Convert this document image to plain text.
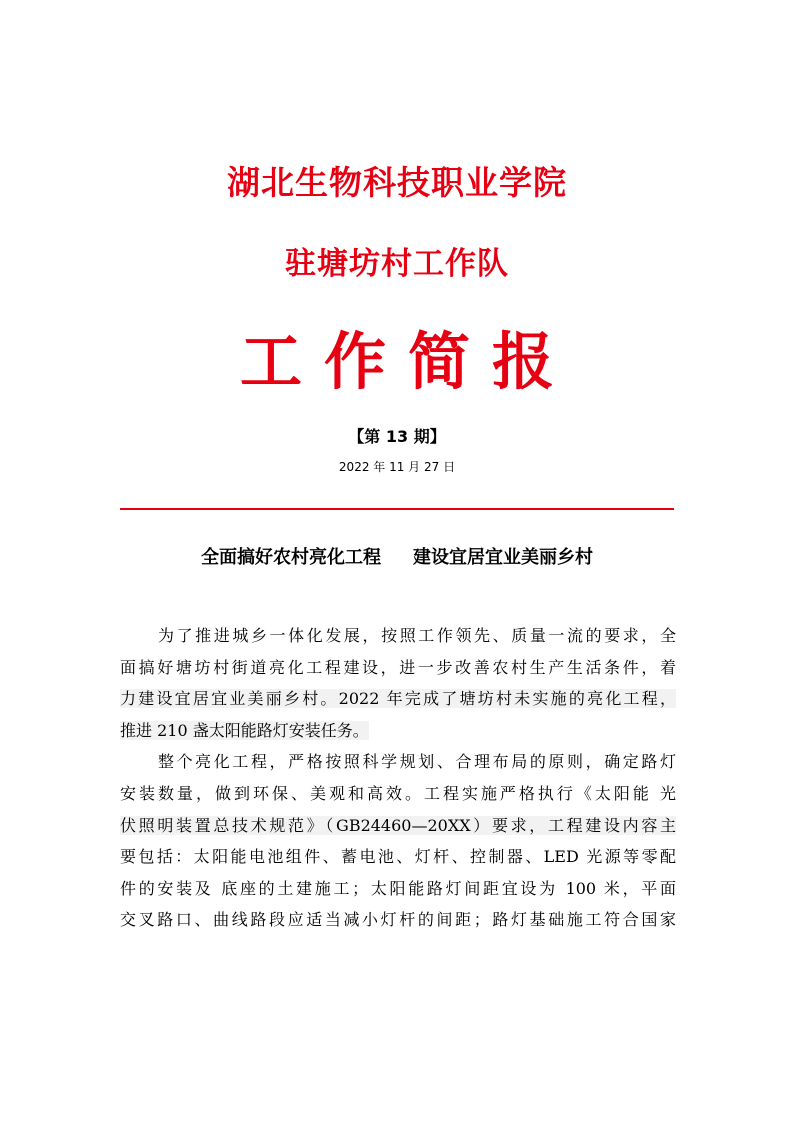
湖北生物科技职业学院
驻塘坊村工作队
工作简报
【第 13 期】
2022 年 11 月 27 日
全面搞好农村亮化工程 建设宜居宜业美丽乡村
为了推进城乡一体化发展，按照工作领先、质量一流的要求，全
面搞好塘坊村街道亮化工程建设，进一步改善农村生产生活条件，着
力建设宜居宜业美丽乡村。2022 年完成了塘坊村未实施的亮化工程，
推进 210 盏太阳能路灯安装任务。
整个亮化工程，严格按照科学规划、合理布局的原则，确定路灯
安装数量，做到环保、美观和高效。工程实施严格执行《太阳能 光
伏照明装置总技术规范》（GB24460—20XX）要求，工程建设内容主
要包括：太阳能电池组件、蓄电池、灯杆、控制器、LED 光源等零配
件的安装及 底座的土建施工；太阳能路灯间距宜设为 100 米，平面
交叉路口、曲线路段应适当减小灯杆的间距；路灯基础施工符合国家
